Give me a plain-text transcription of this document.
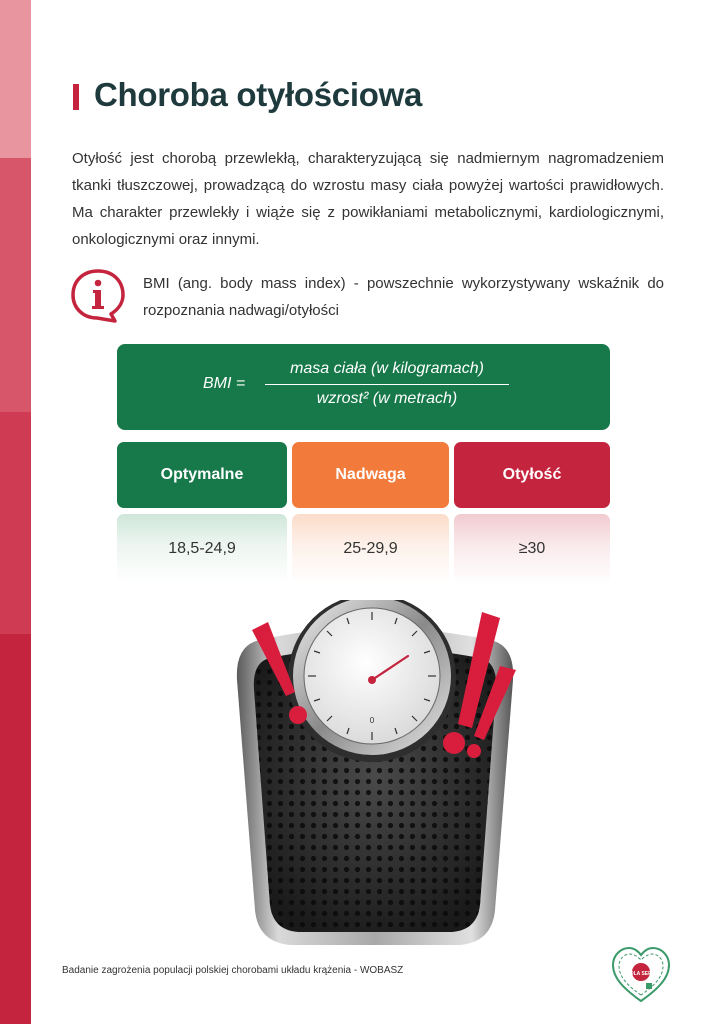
Choroba otyłościowa

Otyłość jest chorobą przewlekłą, charakteryzującą się nadmiernym nagromadzeniem tkanki tłuszczowej, prowadzącą do wzrostu masy ciała powyżej wartości prawidłowych. Ma charakter przewlekły i wiąże się z powikłaniami metabolicznymi, kardiologicznymi, onkologicznymi oraz innymi.

BMI (ang. body mass index) - powszechnie wykorzystywany wskaźnik do rozpoznania nadwagi/otyłości

BMI =
masa ciała (w kilogramach)
wzrost² (w metrach)
Optymalne	Nadwaga	Otyłość
18,5-24,9	25-29,9	≥30
0

Badanie zagrożenia populacji polskiej chorobami układu krążenia - WOBASZ	16 DLA SERCA
